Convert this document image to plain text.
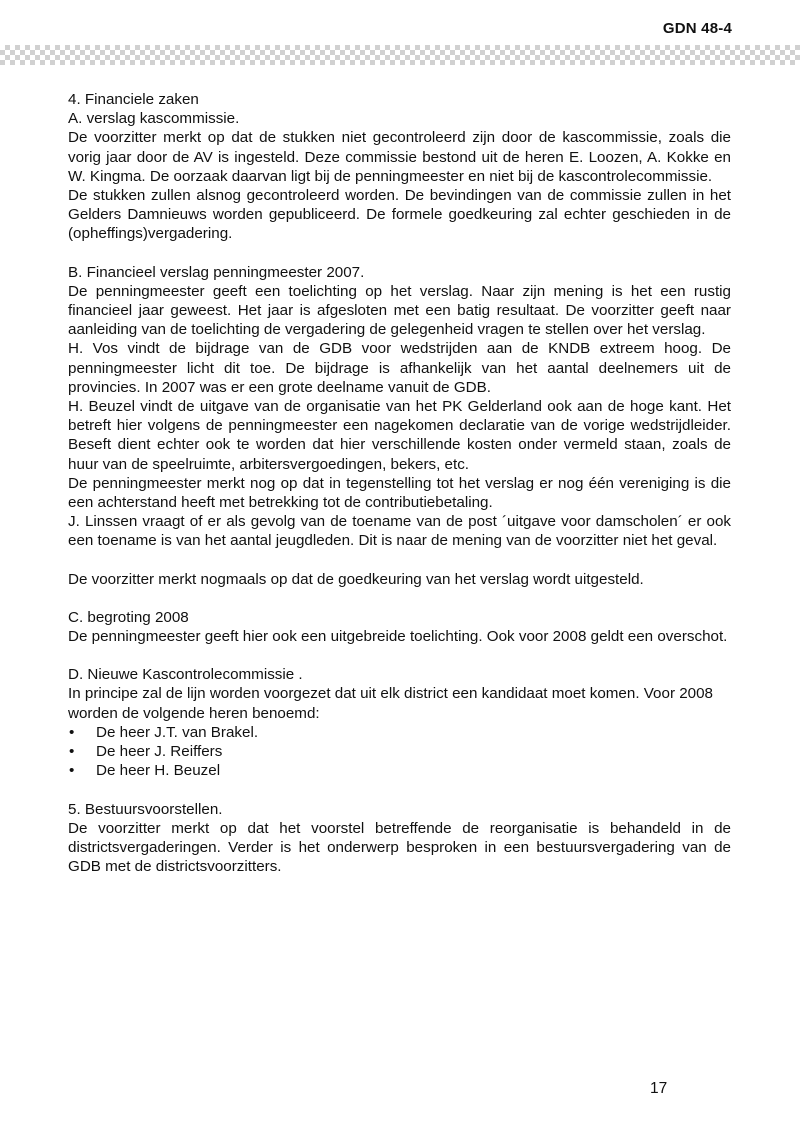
GDN 48-4

4. Financiele zaken

A. verslag kascommissie.

De voorzitter merkt op dat de stukken niet gecontroleerd zijn door de kascommissie, zoals die vorig jaar door de AV is ingesteld. Deze commissie bestond uit de heren E. Loozen, A. Kokke en W. Kingma. De oorzaak daarvan ligt bij de penningmeester en niet bij de kascontrolecommissie.

De stukken zullen alsnog gecontroleerd worden. De bevindingen van de commissie zullen in het Gelders Damnieuws worden gepubliceerd. De formele goedkeuring zal echter geschieden in de (opheffings)vergadering.

B. Financieel verslag penningmeester 2007.

De penningmeester geeft een toelichting op het verslag. Naar zijn mening is het een rustig financieel jaar geweest. Het jaar is afgesloten met een batig resultaat. De voorzitter geeft naar aanleiding van de toelichting de vergadering de gelegenheid vragen te stellen over het verslag.

H. Vos vindt de bijdrage van de GDB voor wedstrijden aan de KNDB extreem hoog. De penningmeester licht dit toe. De bijdrage is afhankelijk van het aantal deelnemers uit de provincies. In 2007 was er een grote deelname vanuit de GDB.

H. Beuzel vindt de uitgave van de organisatie van het PK Gelderland ook aan de hoge kant. Het betreft hier volgens de penningmeester een nagekomen declaratie van de vorige wedstrijdleider. Beseft dient echter ook te worden dat hier verschillende kosten onder vermeld staan, zoals de huur van de speelruimte, arbitersvergoedingen, bekers, etc.

De penningmeester merkt nog op dat in tegenstelling tot het verslag er nog één vereniging is die een achterstand heeft met betrekking tot de contributiebetaling.

J. Linssen vraagt of er als gevolg van de toename van de post ´uitgave voor damscholen´ er ook een toename is van het aantal jeugdleden. Dit is naar de mening van de voorzitter niet het geval.

De voorzitter merkt nogmaals op dat de goedkeuring van het verslag wordt uitgesteld.

C. begroting 2008

De penningmeester geeft hier ook een uitgebreide toelichting. Ook voor 2008 geldt een overschot.

D. Nieuwe Kascontrolecommissie .

In principe zal de lijn worden voorgezet dat uit elk district een kandidaat moet komen. Voor 2008 worden de volgende heren benoemd:

• De heer J.T. van Brakel.
• De heer J. Reiffers
• De heer H. Beuzel

5. Bestuursvoorstellen.

De voorzitter merkt op dat het voorstel betreffende de reorganisatie is behandeld in de districtsvergaderingen. Verder is het onderwerp besproken in een bestuursvergadering van de GDB met de districtsvoorzitters.

17
